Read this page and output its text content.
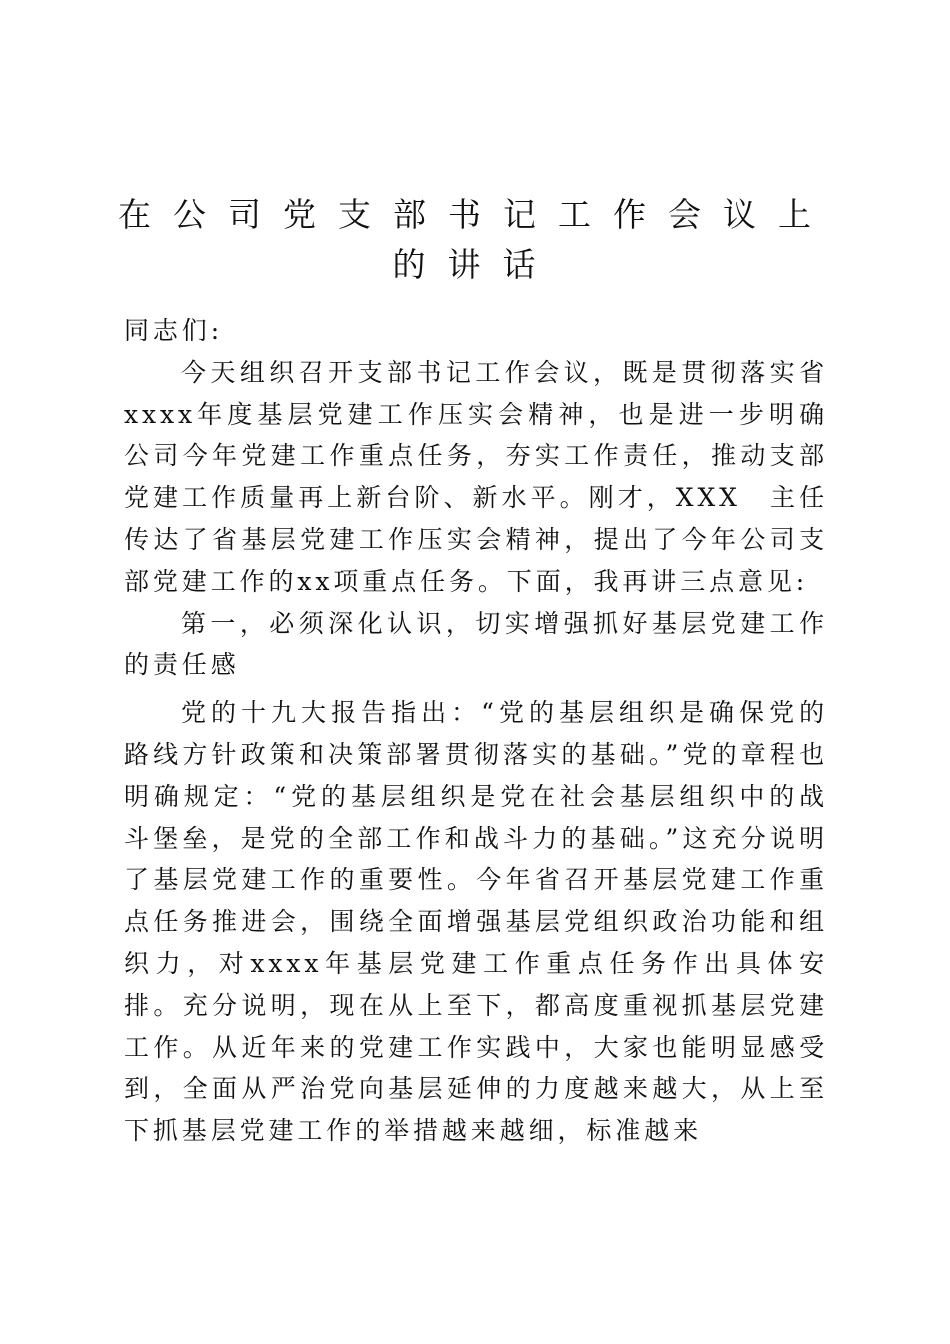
在公司党支部书记工作会议上
的讲话

同志们:

今天组织召开支部书记工作会议，既是贯彻落实省xxxx年度基层党建工作压实会精神，也是进一步明确公司今年党建工作重点任务，夯实工作责任，推动支部党建工作质量再上新台阶、新水平。刚才，XXX　主任传达了省基层党建工作压实会精神，提出了今年公司支部党建工作的xx项重点任务。下面，我再讲三点意见:

第一，必须深化认识，切实增强抓好基层党建工作的责任感

党的十九大报告指出：“党的基层组织是确保党的路线方针政策和决策部署贯彻落实的基础。”党的章程也明确规定：“党的基层组织是党在社会基层组织中的战斗堡垒，是党的全部工作和战斗力的基础。”这充分说明了基层党建工作的重要性。今年省召开基层党建工作重点任务推进会，围绕全面增强基层党组织政治功能和组织力，对xxxx年基层党建工作重点任务作出具体安排。充分说明，现在从上至下，都高度重视抓基层党建工作。从近年来的党建工作实践中，大家也能明显感受到，全面从严治党向基层延伸的力度越来越大，从上至下抓基层党建工作的举措越来越细，标准越来
